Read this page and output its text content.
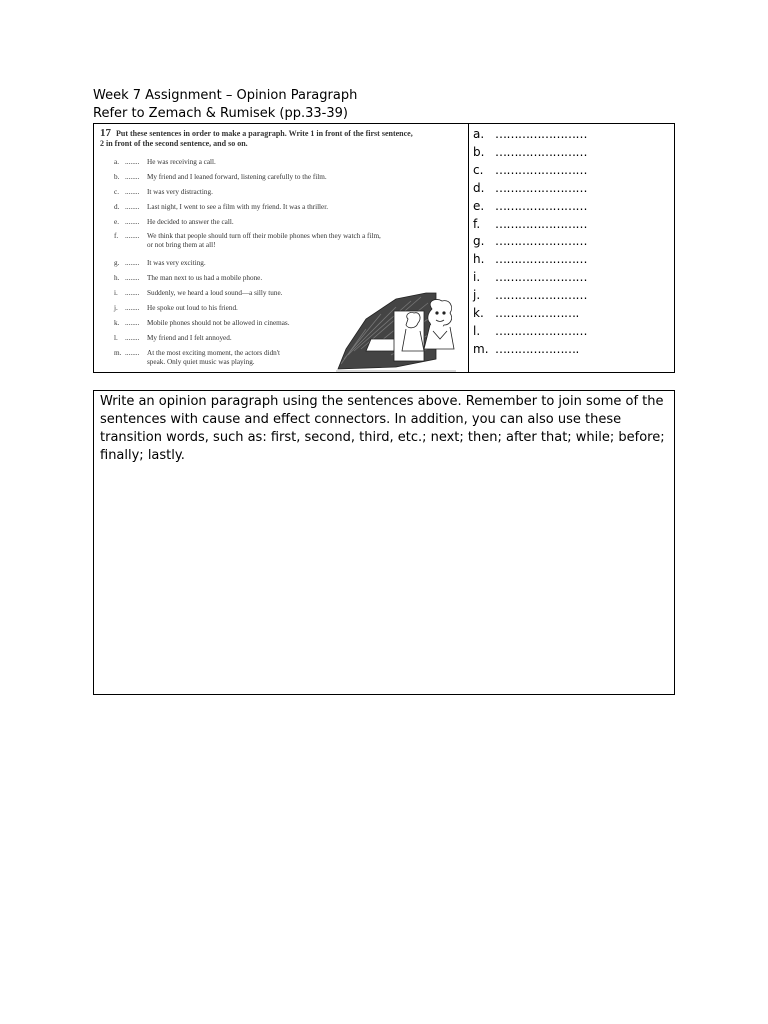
Week 7 Assignment – Opinion Paragraph
Refer to Zemach & Rumisek (pp.33-39)
17 Put these sentences in order to make a paragraph. Write 1 in front of the first sentence,
2 in front of the second sentence, and so on.
a. ........ He was receiving a call.
b. ........ My friend and I leaned forward, listening carefully to the film.
c. ........ It was very distracting.
d. ........ Last night, I went to see a film with my friend. It was a thriller.
e. ........ He decided to answer the call.
f. ........ We think that people should turn off their mobile phones when they watch a film,
or not bring them at all!
g. ........ It was very exciting.
h. ........ The man next to us had a mobile phone.
i. ........ Suddenly, we heard a loud sound—a silly tune.
j. ........ He spoke out loud to his friend.
k. ........ Mobile phones should not be allowed in cinemas.
l. ........ My friend and I felt annoyed.
m. ........ At the most exciting moment, the actors didn't
speak. Only quiet music was playing.
a. ……………………
b. ……………………
c. ……………………
d. ……………………
e. ……………………
f. ……………………
g. ……………………
h. ……………………
i. ……………………
j. ……………………
k. ………………….
l. ……………………
m. ………………….
Write an opinion paragraph using the sentences above. Remember to join some of the sentences with cause and effect connectors. In addition, you can also use these transition words, such as: first, second, third, etc.; next; then; after that; while; before; finally; lastly.
